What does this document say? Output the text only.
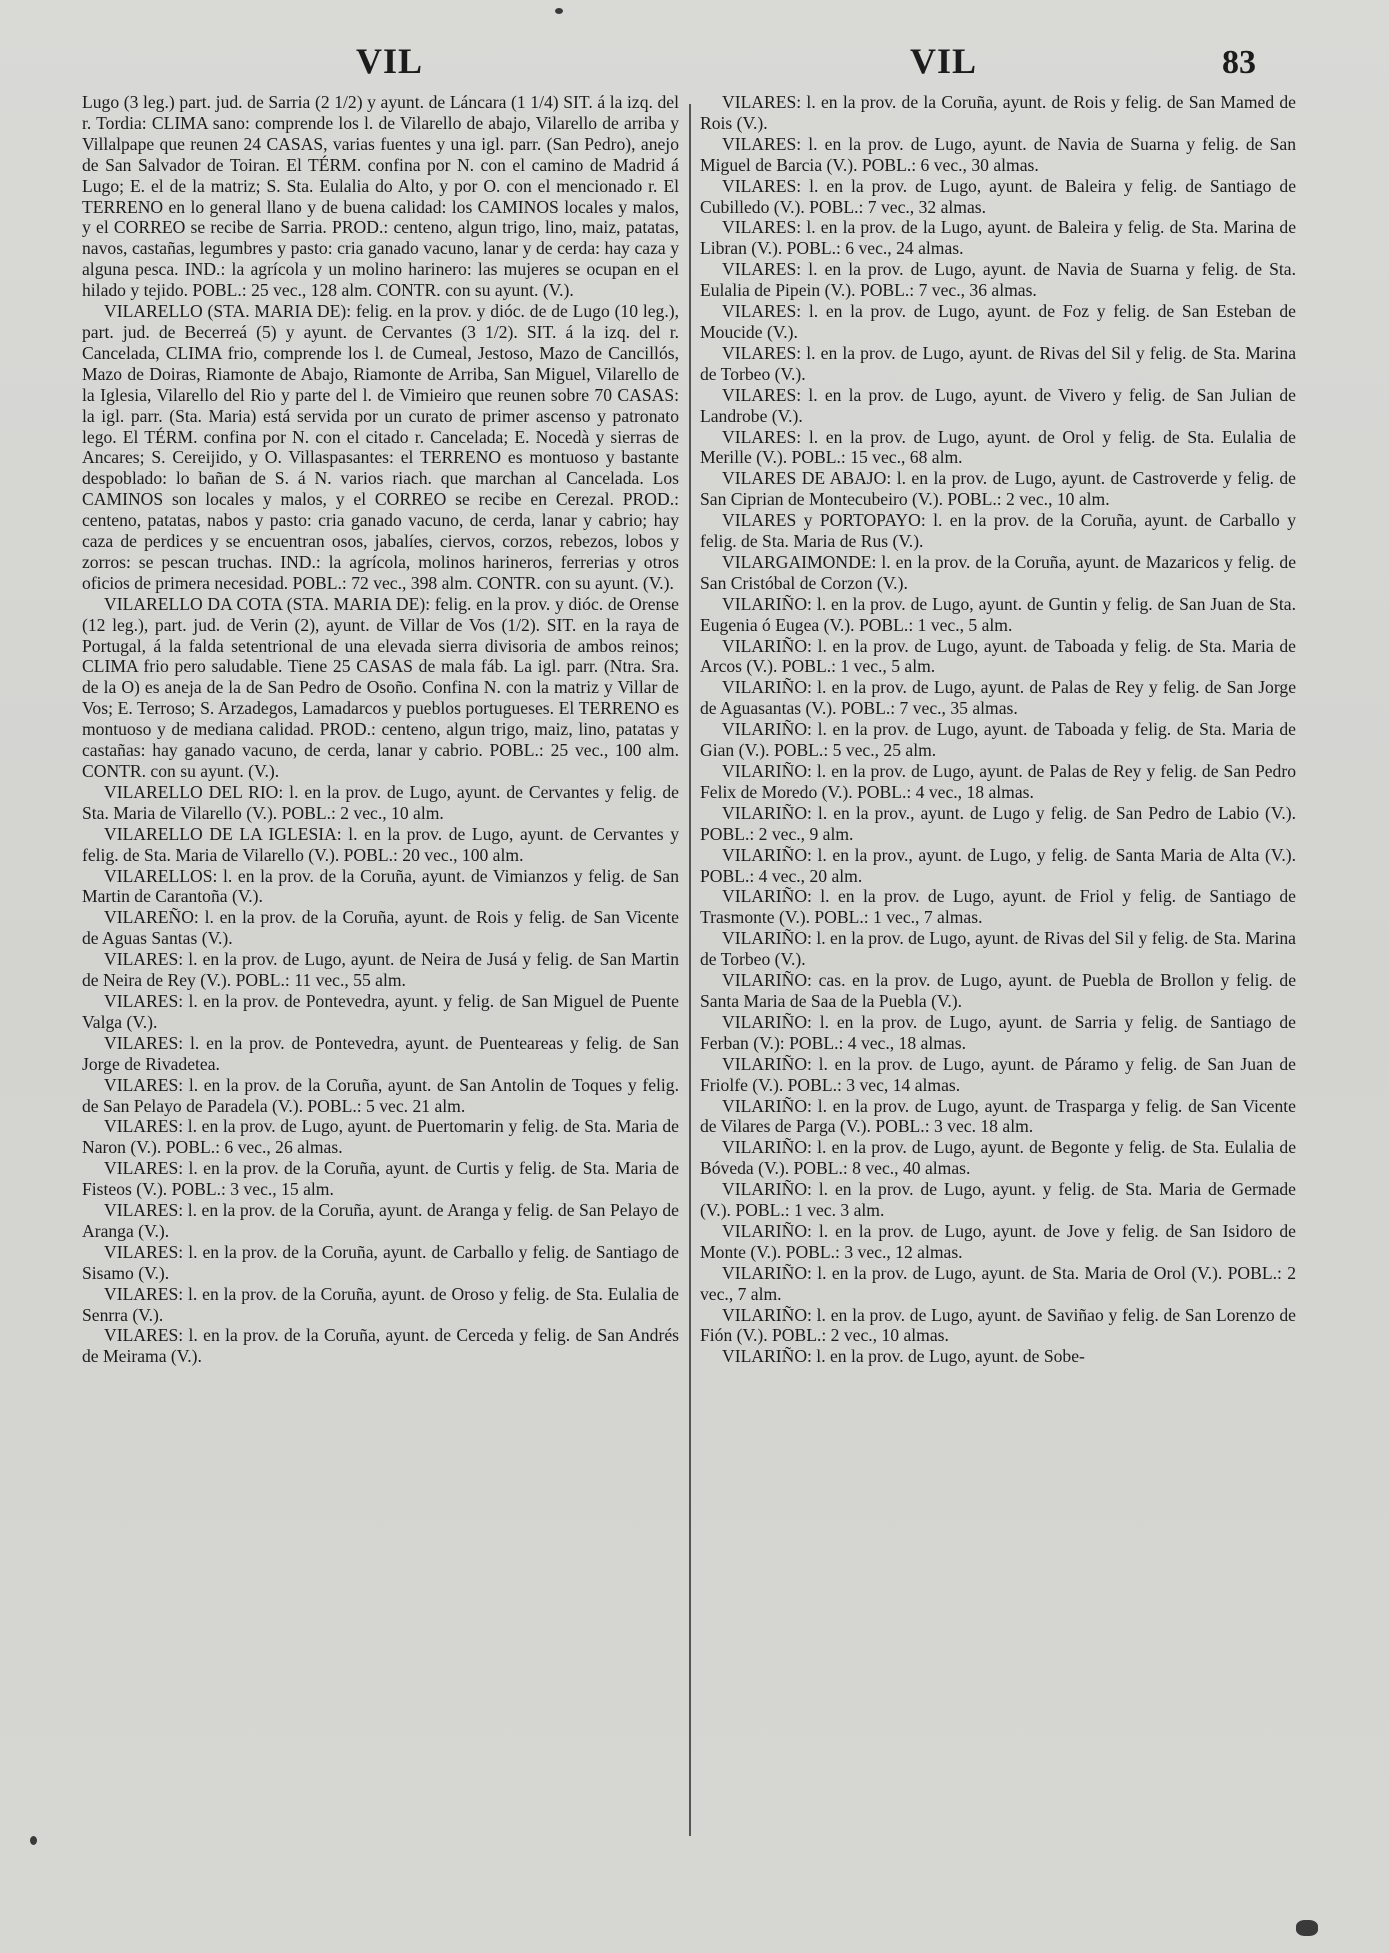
VIL	VIL	83

Lugo (3 leg.) part. jud. de Sarria (2 1/2) y ayunt. de Láncara (1 1/4) SIT. á la izq. del r. Tordia: CLIMA sano: comprende los l. de Vilarello de abajo, Vilarello de arriba y Villalpape que reunen 24 CASAS, varias fuentes y una igl. parr. (San Pedro), anejo de San Salvador de Toiran. El TÉRM. confina por N. con el camino de Madrid á Lugo; E. el de la matriz; S. Sta. Eulalia do Alto, y por O. con el mencionado r. El TERRENO en lo general llano y de buena calidad: los CAMINOS locales y malos, y el CORREO se recibe de Sarria. PROD.: centeno, algun trigo, lino, maiz, patatas, navos, castañas, legumbres y pasto: cria ganado vacuno, lanar y de cerda: hay caza y alguna pesca. IND.: la agrícola y un molino harinero: las mujeres se ocupan en el hilado y tejido. POBL.: 25 vec., 128 alm. CONTR. con su ayunt. (V.).

VILARELLO (STA. MARIA DE): felig. en la prov. y dióc. de de Lugo (10 leg.), part. jud. de Becerreá (5) y ayunt. de Cervantes (3 1/2). SIT. á la izq. del r. Cancelada, CLIMA frio, comprende los l. de Cumeal, Jestoso, Mazo de Cancillós, Mazo de Doiras, Riamonte de Abajo, Riamonte de Arriba, San Miguel, Vilarello de la Iglesia, Vilarello del Rio y parte del l. de Vimieiro que reunen sobre 70 CASAS: la igl. parr. (Sta. Maria) está servida por un curato de primer ascenso y patronato lego. El TÉRM. confina por N. con el citado r. Cancelada; E. Nocedà y sierras de Ancares; S. Cereijido, y O. Villaspasantes: el TERRENO es montuoso y bastante despoblado: lo bañan de S. á N. varios riach. que marchan al Cancelada. Los CAMINOS son locales y malos, y el CORREO se recibe en Cerezal. PROD.: centeno, patatas, nabos y pasto: cria ganado vacuno, de cerda, lanar y cabrio; hay caza de perdices y se encuentran osos, jabalíes, ciervos, corzos, rebezos, lobos y zorros: se pescan truchas. IND.: la agrícola, molinos harineros, ferrerias y otros oficios de primera necesidad. POBL.: 72 vec., 398 alm. CONTR. con su ayunt. (V.).

VILARELLO DA COTA (STA. MARIA DE): felig. en la prov. y dióc. de Orense (12 leg.), part. jud. de Verin (2), ayunt. de Villar de Vos (1/2). SIT. en la raya de Portugal, á la falda setentrional de una elevada sierra divisoria de ambos reinos; CLIMA frio pero saludable. Tiene 25 CASAS de mala fáb. La igl. parr. (Ntra. Sra. de la O) es aneja de la de San Pedro de Osoño. Confina N. con la matriz y Villar de Vos; E. Terroso; S. Arzadegos, Lamadarcos y pueblos portugueses. El TERRENO es montuoso y de mediana calidad. PROD.: centeno, algun trigo, maiz, lino, patatas y castañas: hay ganado vacuno, de cerda, lanar y cabrio. POBL.: 25 vec., 100 alm. CONTR. con su ayunt. (V.).

VILARELLO DEL RIO: l. en la prov. de Lugo, ayunt. de Cervantes y felig. de Sta. Maria de Vilarello (V.). POBL.: 2 vec., 10 alm.

VILARELLO DE LA IGLESIA: l. en la prov. de Lugo, ayunt. de Cervantes y felig. de Sta. Maria de Vilarello (V.). POBL.: 20 vec., 100 alm.

VILARELLOS: l. en la prov. de la Coruña, ayunt. de Vimianzos y felig. de San Martin de Carantoña (V.).

VILAREÑO: l. en la prov. de la Coruña, ayunt. de Rois y felig. de San Vicente de Aguas Santas (V.).

VILARES: l. en la prov. de Lugo, ayunt. de Neira de Jusá y felig. de San Martin de Neira de Rey (V.). POBL.: 11 vec., 55 alm.

VILARES: l. en la prov. de Pontevedra, ayunt. y felig. de San Miguel de Puente Valga (V.).

VILARES: l. en la prov. de Pontevedra, ayunt. de Puenteareas y felig. de San Jorge de Rivadetea.

VILARES: l. en la prov. de la Coruña, ayunt. de San Antolin de Toques y felig. de San Pelayo de Paradela (V.). POBL.: 5 vec. 21 alm.

VILARES: l. en la prov. de Lugo, ayunt. de Puertomarin y felig. de Sta. Maria de Naron (V.). POBL.: 6 vec., 26 almas.

VILARES: l. en la prov. de la Coruña, ayunt. de Curtis y felig. de Sta. Maria de Fisteos (V.). POBL.: 3 vec., 15 alm.

VILARES: l. en la prov. de la Coruña, ayunt. de Aranga y felig. de San Pelayo de Aranga (V.).

VILARES: l. en la prov. de la Coruña, ayunt. de Carballo y felig. de Santiago de Sisamo (V.).

VILARES: l. en la prov. de la Coruña, ayunt. de Oroso y felig. de Sta. Eulalia de Senrra (V.).

VILARES: l. en la prov. de la Coruña, ayunt. de Cerceda y felig. de San Andrés de Meirama (V.).

VILARES: l. en la prov. de la Coruña, ayunt. de Rois y felig. de San Mamed de Rois (V.).

VILARES: l. en la prov. de Lugo, ayunt. de Navia de Suarna y felig. de San Miguel de Barcia (V.). POBL.: 6 vec., 30 almas.

VILARES: l. en la prov. de Lugo, ayunt. de Baleira y felig. de Santiago de Cubilledo (V.). POBL.: 7 vec., 32 almas.

VILARES: l. en la prov. de la Lugo, ayunt. de Baleira y felig. de Sta. Marina de Libran (V.). POBL.: 6 vec., 24 almas.

VILARES: l. en la prov. de Lugo, ayunt. de Navia de Suarna y felig. de Sta. Eulalia de Pipein (V.). POBL.: 7 vec., 36 almas.

VILARES: l. en la prov. de Lugo, ayunt. de Foz y felig. de San Esteban de Moucide (V.).

VILARES: l. en la prov. de Lugo, ayunt. de Rivas del Sil y felig. de Sta. Marina de Torbeo (V.).

VILARES: l. en la prov. de Lugo, ayunt. de Vivero y felig. de San Julian de Landrobe (V.).

VILARES: l. en la prov. de Lugo, ayunt. de Orol y felig. de Sta. Eulalia de Merille (V.). POBL.: 15 vec., 68 alm.

VILARES DE ABAJO: l. en la prov. de Lugo, ayunt. de Castroverde y felig. de San Ciprian de Montecubeiro (V.). POBL.: 2 vec., 10 alm.

VILARES y PORTOPAYO: l. en la prov. de la Coruña, ayunt. de Carballo y felig. de Sta. Maria de Rus (V.).

VILARGAIMONDE: l. en la prov. de la Coruña, ayunt. de Mazaricos y felig. de San Cristóbal de Corzon (V.).

VILARIÑO: l. en la prov. de Lugo, ayunt. de Guntin y felig. de San Juan de Sta. Eugenia ó Eugea (V.). POBL.: 1 vec., 5 alm.

VILARIÑO: l. en la prov. de Lugo, ayunt. de Taboada y felig. de Sta. Maria de Arcos (V.). POBL.: 1 vec., 5 alm.

VILARIÑO: l. en la prov. de Lugo, ayunt. de Palas de Rey y felig. de San Jorge de Aguasantas (V.). POBL.: 7 vec., 35 almas.

VILARIÑO: l. en la prov. de Lugo, ayunt. de Taboada y felig. de Sta. Maria de Gian (V.). POBL.: 5 vec., 25 alm.

VILARIÑO: l. en la prov. de Lugo, ayunt. de Palas de Rey y felig. de San Pedro Felix de Moredo (V.). POBL.: 4 vec., 18 almas.

VILARIÑO: l. en la prov., ayunt. de Lugo y felig. de San Pedro de Labio (V.). POBL.: 2 vec., 9 alm.

VILARIÑO: l. en la prov., ayunt. de Lugo, y felig. de Santa Maria de Alta (V.). POBL.: 4 vec., 20 alm.

VILARIÑO: l. en la prov. de Lugo, ayunt. de Friol y felig. de Santiago de Trasmonte (V.). POBL.: 1 vec., 7 almas.

VILARIÑO: l. en la prov. de Lugo, ayunt. de Rivas del Sil y felig. de Sta. Marina de Torbeo (V.).

VILARIÑO: cas. en la prov. de Lugo, ayunt. de Puebla de Brollon y felig. de Santa Maria de Saa de la Puebla (V.).

VILARIÑO: l. en la prov. de Lugo, ayunt. de Sarria y felig. de Santiago de Ferban (V.): POBL.: 4 vec., 18 almas.

VILARIÑO: l. en la prov. de Lugo, ayunt. de Páramo y felig. de San Juan de Friolfe (V.). POBL.: 3 vec, 14 almas.

VILARIÑO: l. en la prov. de Lugo, ayunt. de Trasparga y felig. de San Vicente de Vilares de Parga (V.). POBL.: 3 vec. 18 alm.

VILARIÑO: l. en la prov. de Lugo, ayunt. de Begonte y felig. de Sta. Eulalia de Bóveda (V.). POBL.: 8 vec., 40 almas.

VILARIÑO: l. en la prov. de Lugo, ayunt. y felig. de Sta. Maria de Germade (V.). POBL.: 1 vec. 3 alm.

VILARIÑO: l. en la prov. de Lugo, ayunt. de Jove y felig. de San Isidoro de Monte (V.). POBL.: 3 vec., 12 almas.

VILARIÑO: l. en la prov. de Lugo, ayunt. de Sta. Maria de Orol (V.). POBL.: 2 vec., 7 alm.

VILARIÑO: l. en la prov. de Lugo, ayunt. de Saviñao y felig. de San Lorenzo de Fión (V.). POBL.: 2 vec., 10 almas.

VILARIÑO: l. en la prov. de Lugo, ayunt. de Sobe-
